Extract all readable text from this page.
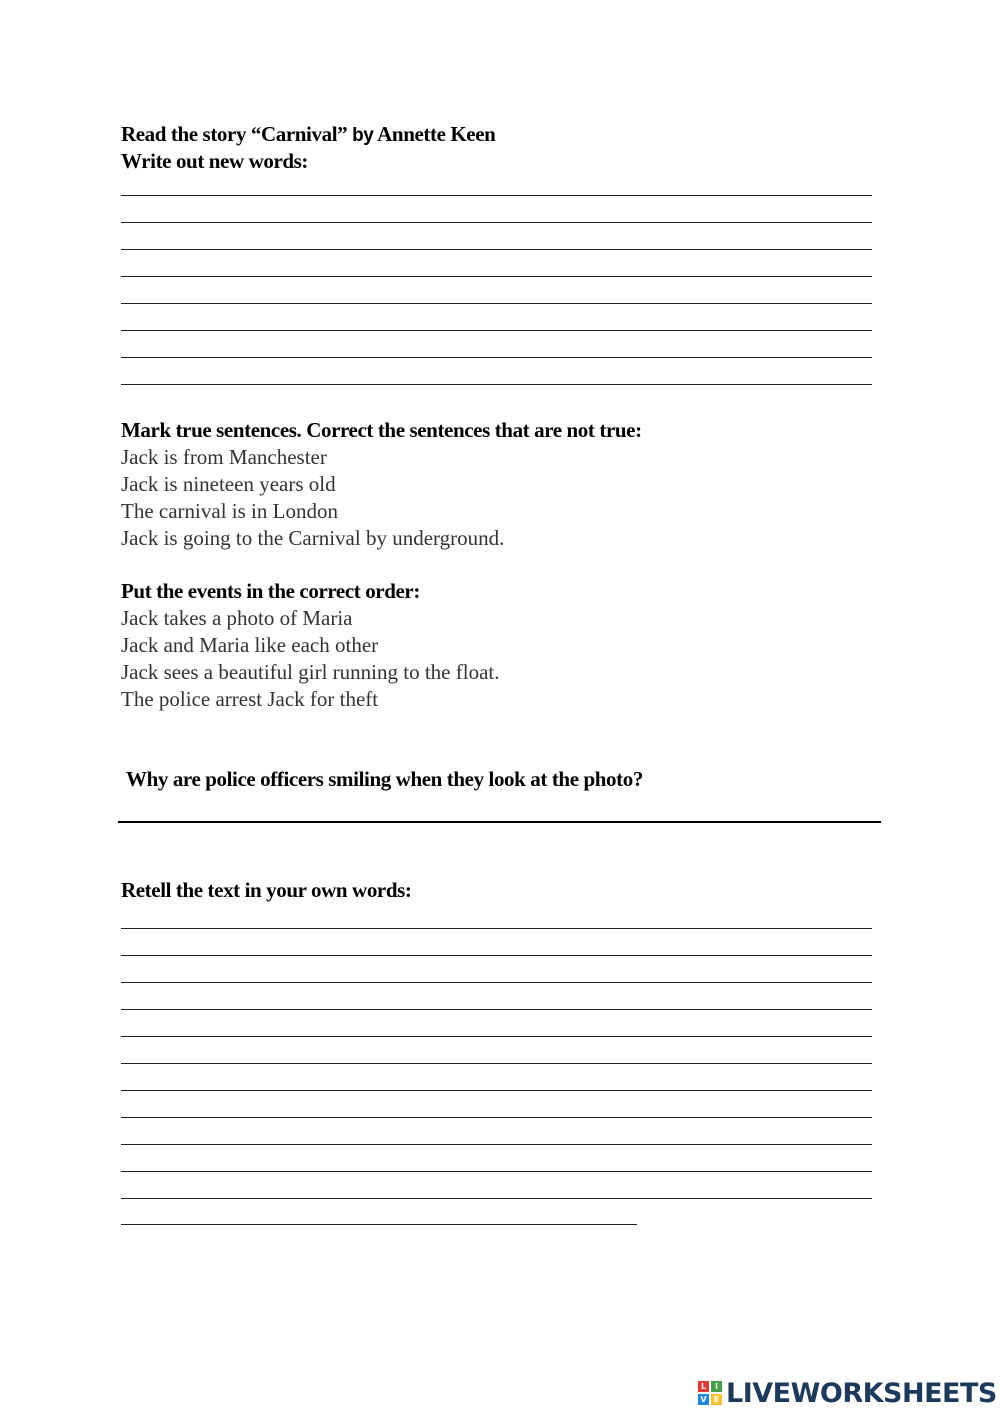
Read the story “Carnival” by Annette Keen
Write out new words:
Mark true sentences. Correct the sentences that are not true:
Jack is from Manchester
Jack is nineteen years old
The carnival is in London
Jack is going to the Carnival by underground.
Put the events in the correct order:
Jack takes a photo of Maria
Jack and Maria like each other
Jack sees a beautiful girl running to the float.
The police arrest Jack for theft
Why are police officers smiling when they look at the photo?
Retell the text in your own words:
L	I
V E LIVEWORKSHEETS
